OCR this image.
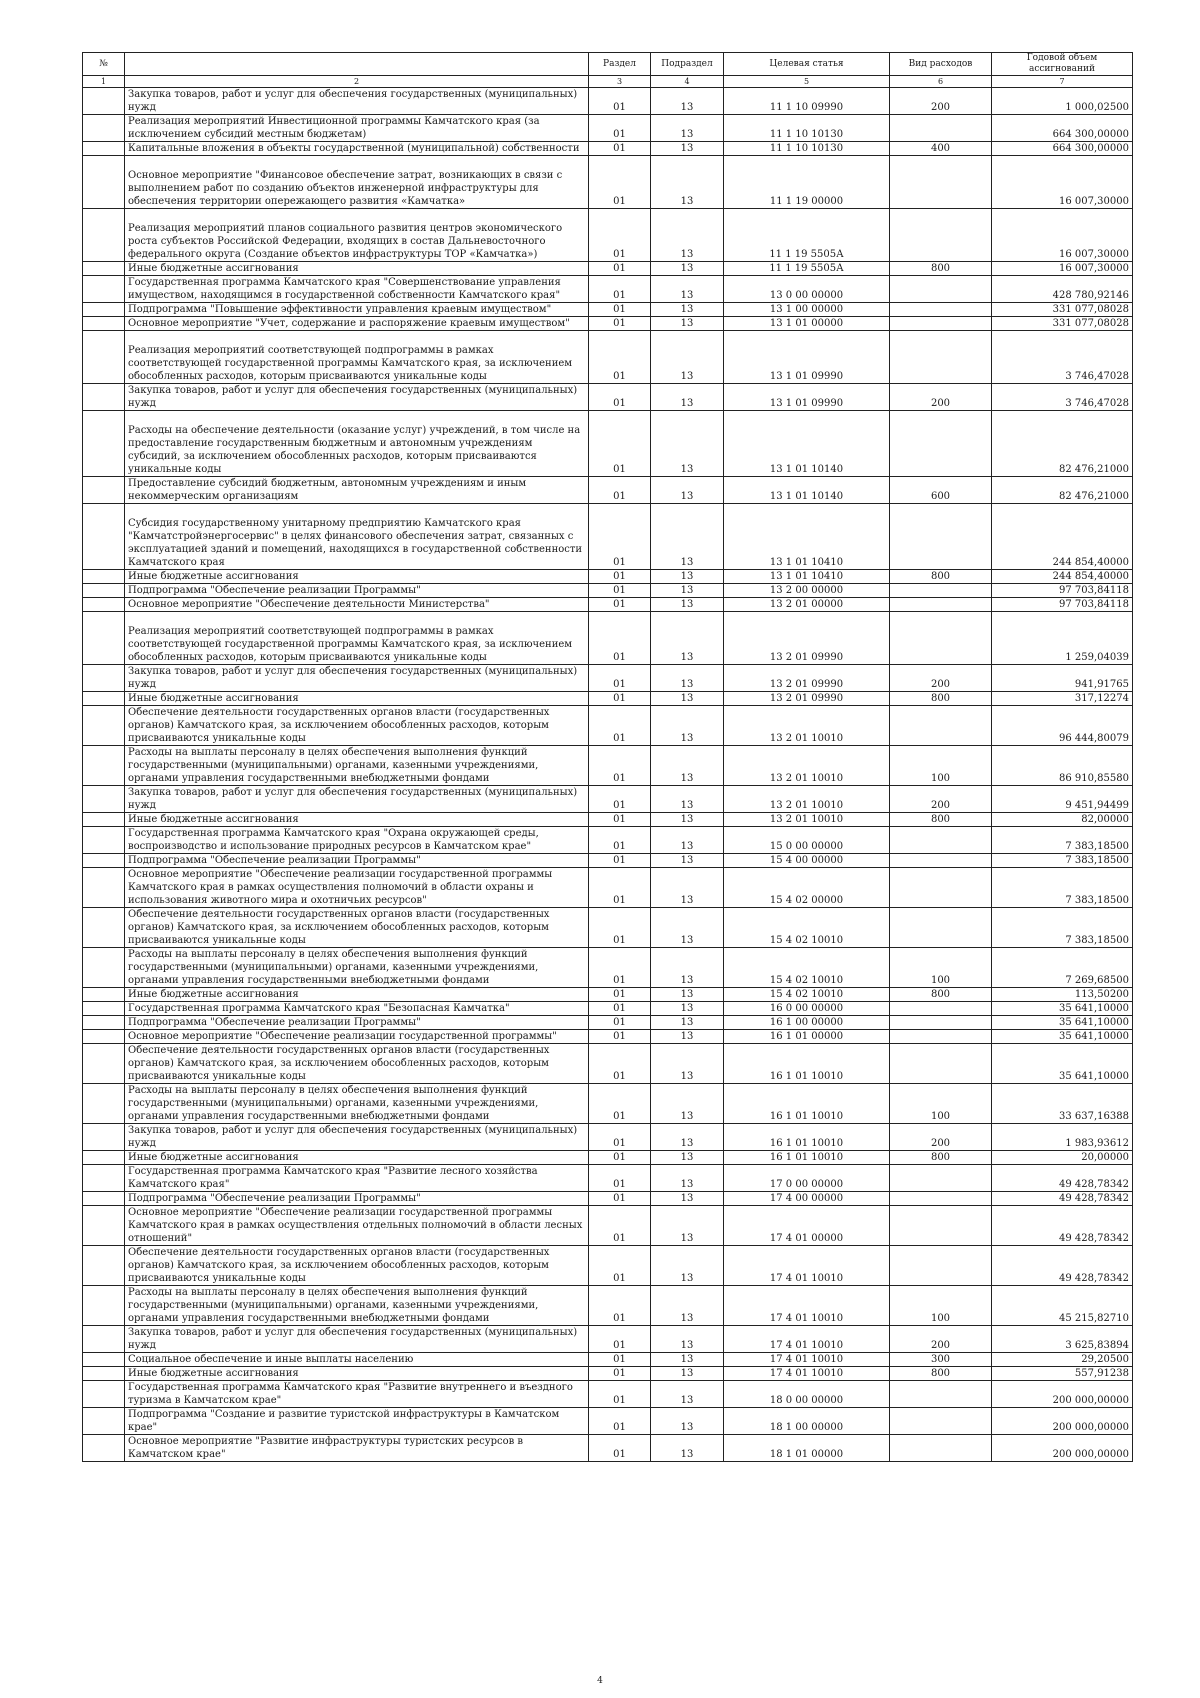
№		Раздел	Подраздел	Целевая статья	Вид расходов	Годовой объем ассигнований
1	2	3	4	5	6	7
	Закупка товаров, работ и услуг для обеспечения государственных (муниципальных) нужд	01	13	11 1 10 09990	200	1 000,02500
	Реализация мероприятий Инвестиционной программы Камчатского края (за исключением субсидий местным бюджетам)	01	13	11 1 10 10130		664 300,00000
	Капитальные вложения в объекты государственной (муниципальной) собственности	01	13	11 1 10 10130	400	664 300,00000
	Основное мероприятие "Финансовое обеспечение затрат, возникающих в связи с выполнением работ по созданию объектов инженерной инфраструктуры для обеспечения территории опережающего развития «Камчатка»	01	13	11 1 19 00000		16 007,30000
	Реализация мероприятий планов социального развития центров экономического роста субъектов Российской Федерации, входящих в состав Дальневосточного федерального округа (Создание объектов инфраструктуры ТОР «Камчатка»)	01	13	11 1 19 5505А		16 007,30000
	Иные бюджетные ассигнования	01	13	11 1 19 5505А	800	16 007,30000
	Государственная программа Камчатского края "Совершенствование управления имуществом, находящимся в государственной собственности Камчатского края"	01	13	13 0 00 00000		428 780,92146
	Подпрограмма "Повышение эффективности управления краевым имуществом"	01	13	13 1 00 00000		331 077,08028
	Основное мероприятие "Учет, содержание и распоряжение краевым имуществом"	01	13	13 1 01 00000		331 077,08028
	Реализация мероприятий соответствующей подпрограммы в рамках соответствующей государственной программы Камчатского края, за исключением обособленных расходов, которым присваиваются уникальные коды	01	13	13 1 01 09990		3 746,47028
	Закупка товаров, работ и услуг для обеспечения государственных (муниципальных) нужд	01	13	13 1 01 09990	200	3 746,47028
	Расходы на обеспечение деятельности (оказание услуг) учреждений, в том числе на предоставление государственным бюджетным и автономным учреждениям субсидий, за исключением обособленных расходов, которым присваиваются уникальные коды	01	13	13 1 01 10140		82 476,21000
	Предоставление субсидий бюджетным, автономным учреждениям и иным некоммерческим организациям	01	13	13 1 01 10140	600	82 476,21000
	Субсидия государственному унитарному предприятию Камчатского края "Камчатстройэнергосервис" в целях финансового обеспечения затрат, связанных с эксплуатацией зданий и помещений, находящихся в государственной собственности Камчатского края	01	13	13 1 01 10410		244 854,40000
	Иные бюджетные ассигнования	01	13	13 1 01 10410	800	244 854,40000
	Подпрограмма "Обеспечение реализации Программы"	01	13	13 2 00 00000		97 703,84118
	Основное мероприятие "Обеспечение деятельности Министерства"	01	13	13 2 01 00000		97 703,84118
	Реализация мероприятий соответствующей подпрограммы в рамках соответствующей государственной программы Камчатского края, за исключением обособленных расходов, которым присваиваются уникальные коды	01	13	13 2 01 09990		1 259,04039
	Закупка товаров, работ и услуг для обеспечения государственных (муниципальных) нужд	01	13	13 2 01 09990	200	941,91765
	Иные бюджетные ассигнования	01	13	13 2 01 09990	800	317,12274
	Обеспечение деятельности государственных органов власти (государственных органов) Камчатского края, за исключением обособленных расходов, которым присваиваются уникальные коды	01	13	13 2 01 10010		96 444,80079
	Расходы на выплаты персоналу в целях обеспечения выполнения функций государственными (муниципальными) органами, казенными учреждениями, органами управления государственными внебюджетными фондами	01	13	13 2 01 10010	100	86 910,85580
	Закупка товаров, работ и услуг для обеспечения государственных (муниципальных) нужд	01	13	13 2 01 10010	200	9 451,94499
	Иные бюджетные ассигнования	01	13	13 2 01 10010	800	82,00000
	Государственная программа Камчатского края "Охрана окружающей среды, воспроизводство и использование природных ресурсов в Камчатском крае"	01	13	15 0 00 00000		7 383,18500
	Подпрограмма "Обеспечение реализации Программы"	01	13	15 4 00 00000		7 383,18500
	Основное мероприятие "Обеспечение реализации государственной программы Камчатского края в рамках осуществления полномочий в области охраны и использования животного мира и охотничьих ресурсов"	01	13	15 4 02 00000		7 383,18500
	Обеспечение деятельности государственных органов власти (государственных органов) Камчатского края, за исключением обособленных расходов, которым присваиваются уникальные коды	01	13	15 4 02 10010		7 383,18500
	Расходы на выплаты персоналу в целях обеспечения выполнения функций государственными (муниципальными) органами, казенными учреждениями, органами управления государственными внебюджетными фондами	01	13	15 4 02 10010	100	7 269,68500
	Иные бюджетные ассигнования	01	13	15 4 02 10010	800	113,50200
	Государственная программа Камчатского края "Безопасная Камчатка"	01	13	16 0 00 00000		35 641,10000
	Подпрограмма "Обеспечение реализации Программы"	01	13	16 1 00 00000		35 641,10000
	Основное мероприятие "Обеспечение реализации государственной программы"	01	13	16 1 01 00000		35 641,10000
	Обеспечение деятельности государственных органов власти (государственных органов) Камчатского края, за исключением обособленных расходов, которым присваиваются уникальные коды	01	13	16 1 01 10010		35 641,10000
	Расходы на выплаты персоналу в целях обеспечения выполнения функций государственными (муниципальными) органами, казенными учреждениями, органами управления государственными внебюджетными фондами	01	13	16 1 01 10010	100	33 637,16388
	Закупка товаров, работ и услуг для обеспечения государственных (муниципальных) нужд	01	13	16 1 01 10010	200	1 983,93612
	Иные бюджетные ассигнования	01	13	16 1 01 10010	800	20,00000
	Государственная программа Камчатского края "Развитие лесного хозяйства Камчатского края"	01	13	17 0 00 00000		49 428,78342
	Подпрограмма "Обеспечение реализации Программы"	01	13	17 4 00 00000		49 428,78342
	Основное мероприятие "Обеспечение реализации государственной программы Камчатского края в рамках осуществления отдельных полномочий в области лесных отношений"	01	13	17 4 01 00000		49 428,78342
	Обеспечение деятельности государственных органов власти (государственных органов) Камчатского края, за исключением обособленных расходов, которым присваиваются уникальные коды	01	13	17 4 01 10010		49 428,78342
	Расходы на выплаты персоналу в целях обеспечения выполнения функций государственными (муниципальными) органами, казенными учреждениями, органами управления государственными внебюджетными фондами	01	13	17 4 01 10010	100	45 215,82710
	Закупка товаров, работ и услуг для обеспечения государственных (муниципальных) нужд	01	13	17 4 01 10010	200	3 625,83894
	Социальное обеспечение и иные выплаты населению	01	13	17 4 01 10010	300	29,20500
	Иные бюджетные ассигнования	01	13	17 4 01 10010	800	557,91238
	Государственная программа Камчатского края "Развитие внутреннего и въездного туризма в Камчатском крае"	01	13	18 0 00 00000		200 000,00000
	Подпрограмма "Создание и развитие туристской инфраструктуры в Камчатском крае"	01	13	18 1 00 00000		200 000,00000
	Основное мероприятие "Развитие инфраструктуры туристских ресурсов в Камчатском крае"	01	13	18 1 01 00000		200 000,00000
4
